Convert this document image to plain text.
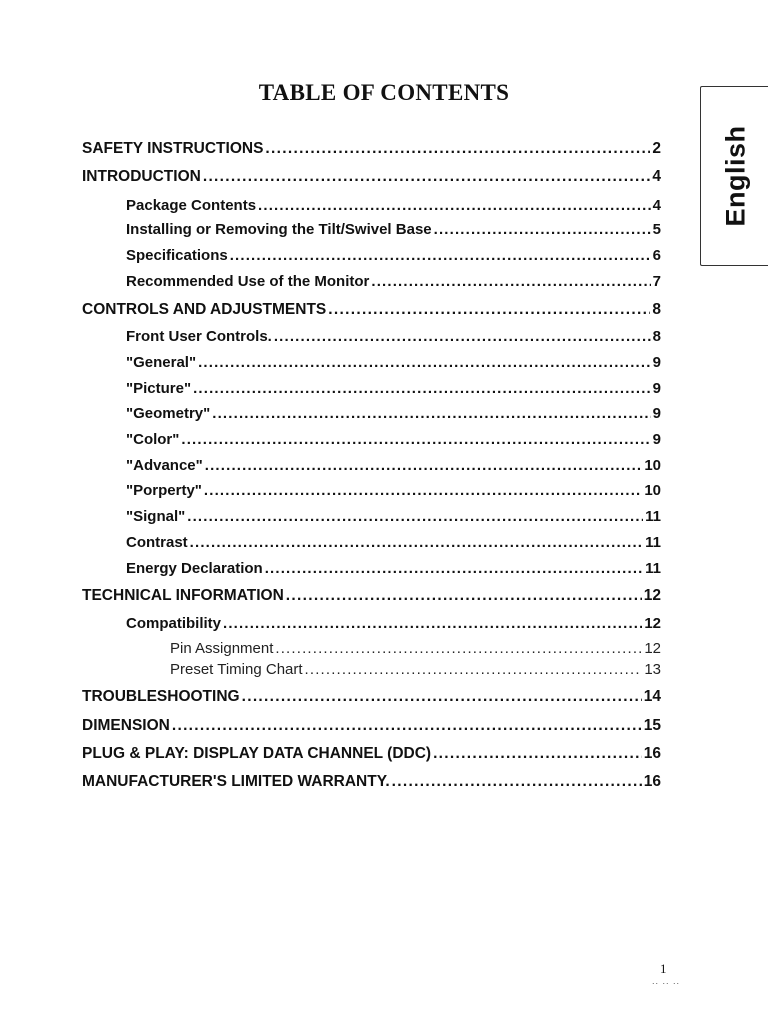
TABLE OF CONTENTS
English
SAFETY INSTRUCTIONS . . .	2
INTRODUCTION . . .	4
Package Contents . . .	4
Installing or Removing the Tilt/Swivel Base . . .	5
Specifications . . .	6
Recommended Use of the Monitor . . .	7
CONTROLS AND ADJUSTMENTS . . .	8
Front User Controls. . . .	8
"General" . . .	9
"Picture" . . .	9
"Geometry" . . .	9
"Color" . . .	9
"Advance" . . .	10
"Porperty" . . .	10
"Signal" . . .	11
Contrast . . .	11
Energy Declaration . . .	11
TECHNICAL INFORMATION . . .	12
Compatibility . . .	12
Pin Assignment . . .	12
Preset Timing Chart . . .	13
TROUBLESHOOTING . . .	14
DIMENSION . . .	15
PLUG & PLAY: DISPLAY DATA CHANNEL (DDC) . . .	16
MANUFACTURER'S LIMITED WARRANTY. . . .	16
1
.. .. ..
